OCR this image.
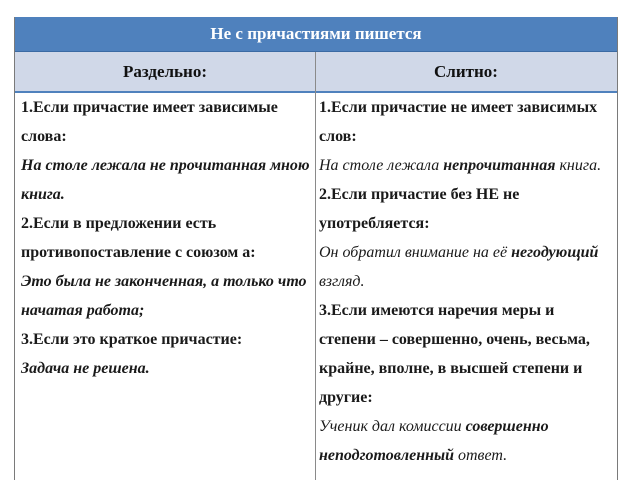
Не с причастиями пишется
Раздельно:	Слитно:

1.Если причастие имеет зависимые слова:

На столе лежала не прочитанная мною книга.

2.Если в предложении есть противопоставление с союзом а:

Это была не законченная, а только что начатая работа;

3.Если это краткое причастие:

Задача не решена.

1.Если причастие не имеет зависимых слов:

На столе лежала непрочитанная книга.

2.Если причастие без НЕ не употребляется:

Он обратил внимание на её негодующий взгляд.

3.Если имеются наречия меры и степени – совершенно, очень, весьма, крайне, вполне, в высшей степени и другие:

Ученик дал комиссии совершенно неподготовленный ответ.
